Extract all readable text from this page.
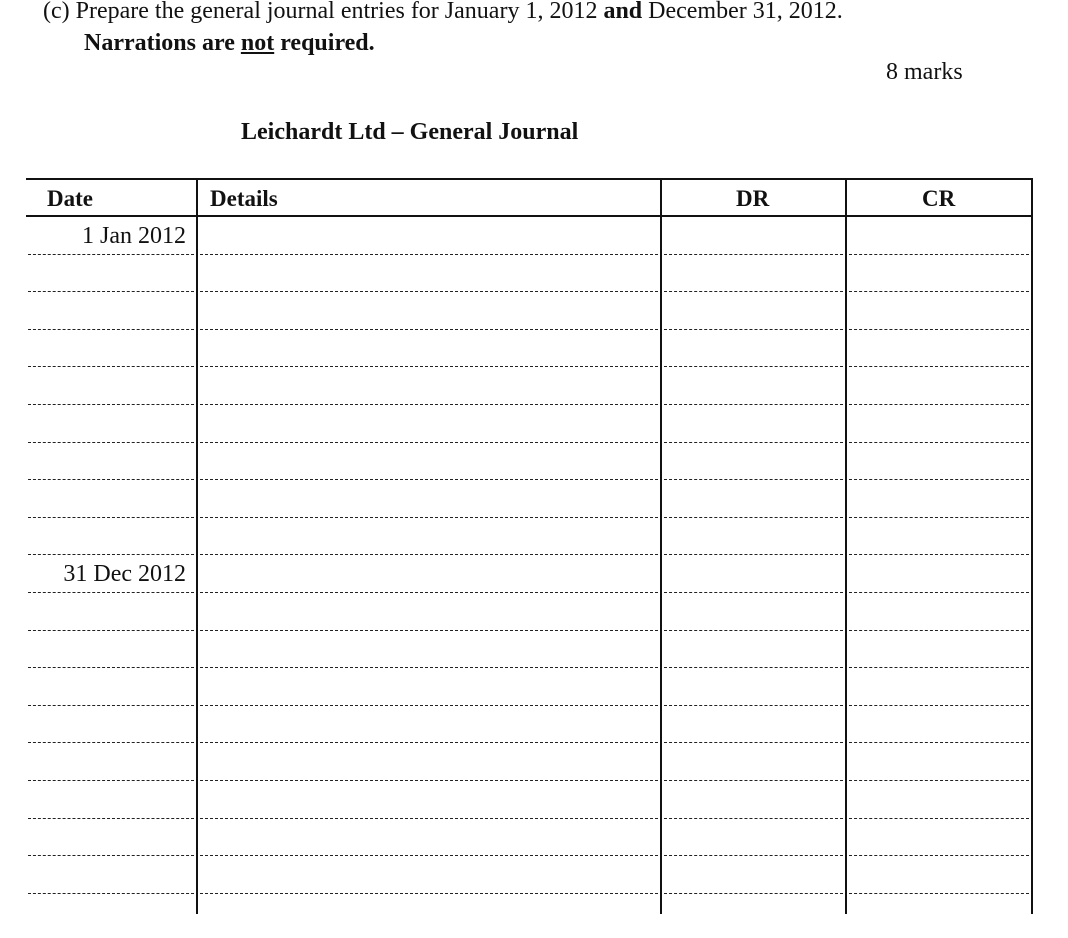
(c) Prepare the general journal entries for January 1, 2012 and December 31, 2012.
Narrations are not required.
8 marks
Leichardt Ltd – General Journal
Date	Details	DR	CR
1 Jan 2012
31 Dec 2012
